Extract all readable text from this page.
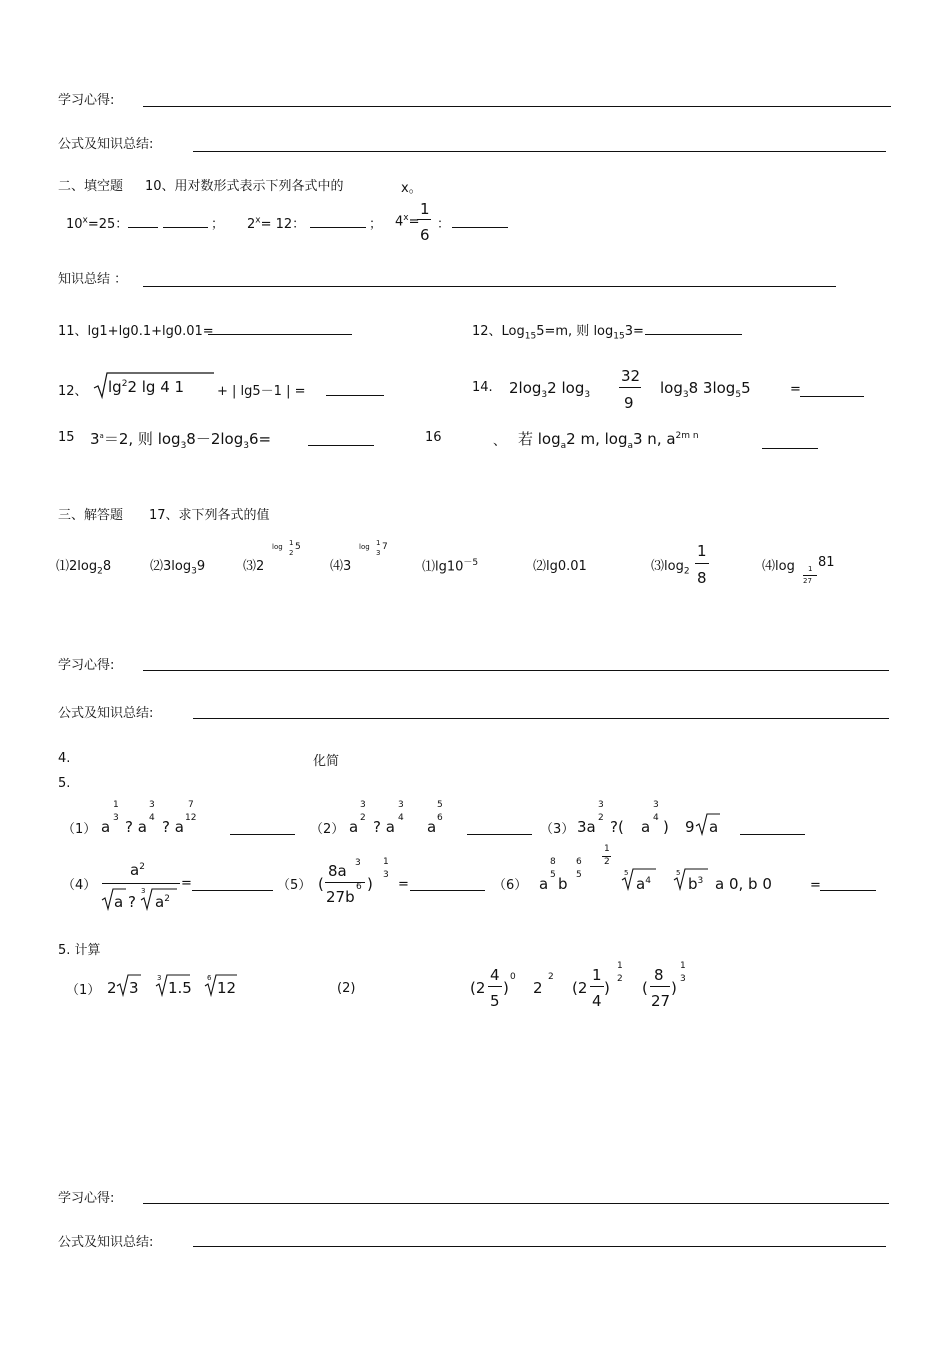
学习心得:
公式及知识总结:
二、填空题 10、用对数形式表示下列各式中的	x。
$10^x=25$：	； $2^x= 12$：	； $4^x=$
1
6
：
知识总结 ：
11、lg1+lg0.1+lg0.01=	12、Log$_{15}$5=m, 则 $\log_{15}3=$
12、 $\lg^22$ lg 4 1	+ | lg5－1 | =	14. $2\log_32$ $\log_3$
32
9
$\log_38$ $3\log_55$	=
15 $3^a=2$, 则 $\log_38-2\log_36=$	16	、 若 $\log_a2$ m, $\log_a3$ n, $a^{2m n}$
三、解答题 17、求下列各式的值
$⑴2\log_28$	$⑵3\log_39$	⑶2
log 1
2
5
⑷3
log 1
3
7
$⑴\lg 10^{-5}$	⑵lg0.01	$⑶\log_2$
1
8
⑷log 1
27
81
学习心得:
公式及知识总结:
4.	化简
5.
（1） a
1
3 ? a
3
4 ? a
7
12
（2） a
3
2 ? a
3
4 a
5
6
（3） 3a
3
2 ?( a
3
4 ) 9 a
（4）
$a^2$
a ?
3
$a^2$
=	（5） (
8a 3
27b
6 )
1
3
=	（6） a
8
5 b
6
5
1
2
5
$a^4$
5
$b^3$ a 0, b 0	=
5. 计算
（1） 2 3
3
1.5
6
12	(2)	(2
4
5
)
0
2
2
(2
1
4
)
1
2 (
8
27
)
1
3
学习心得:
公式及知识总结:
